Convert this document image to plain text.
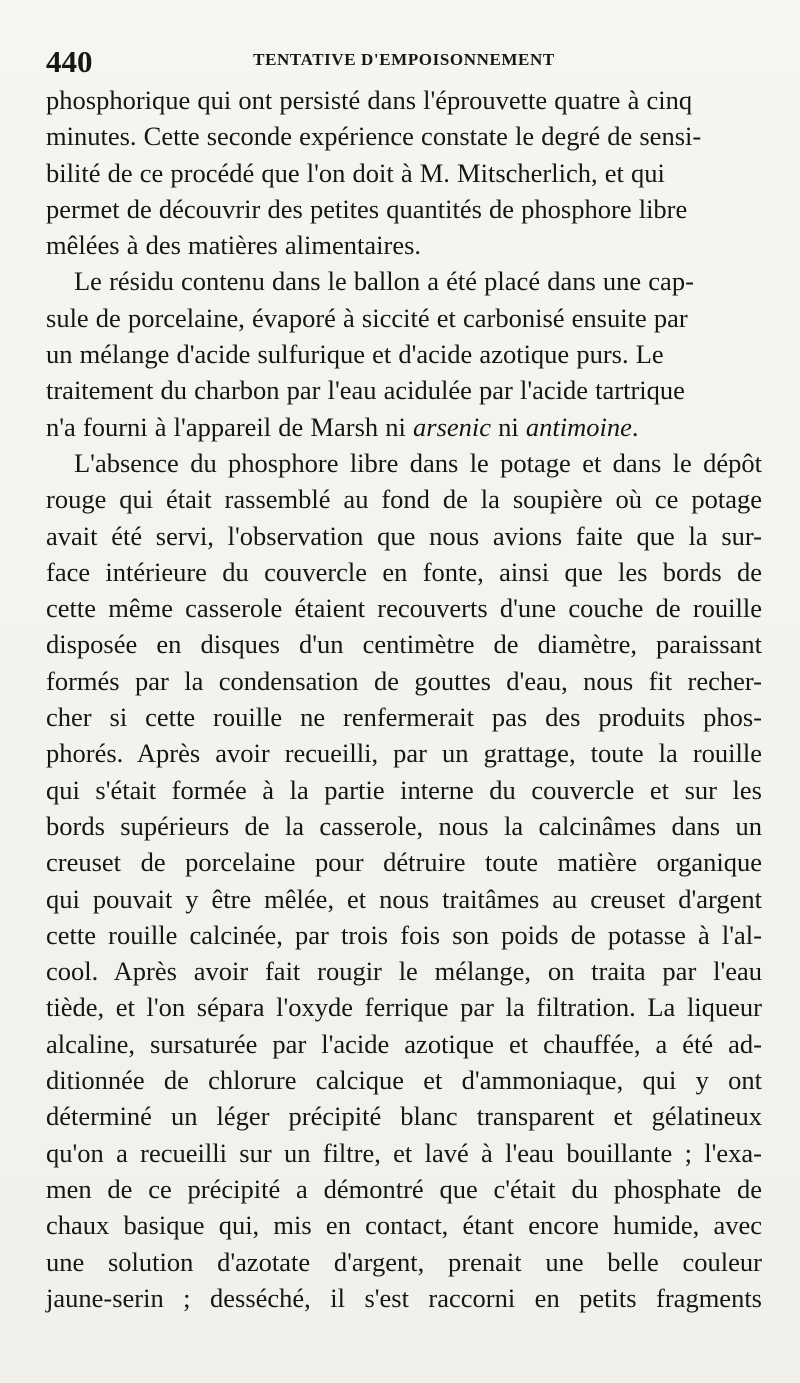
440	TENTATIVE D'EMPOISONNEMENT

phosphorique qui ont persisté dans l'éprouvette quatre à cinq
minutes. Cette seconde expérience constate le degré de sensi-
bilité de ce procédé que l'on doit à M. Mitscherlich, et qui
permet de découvrir des petites quantités de phosphore libre
mêlées à des matières alimentaires.

Le résidu contenu dans le ballon a été placé dans une cap-
sule de porcelaine, évaporé à siccité et carbonisé ensuite par
un mélange d'acide sulfurique et d'acide azotique purs. Le
traitement du charbon par l'eau acidulée par l'acide tartrique
n'a fourni à l'appareil de Marsh ni arsenic ni antimoine.

L'absence du phosphore libre dans le potage et dans le dépôt
rouge qui était rassemblé au fond de la soupière où ce potage
avait été servi, l'observation que nous avions faite que la sur-
face intérieure du couvercle en fonte, ainsi que les bords de
cette même casserole étaient recouverts d'une couche de rouille
disposée en disques d'un centimètre de diamètre, paraissant
formés par la condensation de gouttes d'eau, nous fit recher-
cher si cette rouille ne renfermerait pas des produits phos-
phorés. Après avoir recueilli, par un grattage, toute la rouille
qui s'était formée à la partie interne du couvercle et sur les
bords supérieurs de la casserole, nous la calcinâmes dans un
creuset de porcelaine pour détruire toute matière organique
qui pouvait y être mêlée, et nous traitâmes au creuset d'argent
cette rouille calcinée, par trois fois son poids de potasse à l'al-
cool. Après avoir fait rougir le mélange, on traita par l'eau
tiède, et l'on sépara l'oxyde ferrique par la filtration. La liqueur
alcaline, sursaturée par l'acide azotique et chauffée, a été ad-
ditionnée de chlorure calcique et d'ammoniaque, qui y ont
déterminé un léger précipité blanc transparent et gélatineux
qu'on a recueilli sur un filtre, et lavé à l'eau bouillante ; l'exa-
men de ce précipité a démontré que c'était du phosphate de
chaux basique qui, mis en contact, étant encore humide, avec
une solution d'azotate d'argent, prenait une belle couleur
jaune-serin ; desséché, il s'est raccorni en petits fragments
